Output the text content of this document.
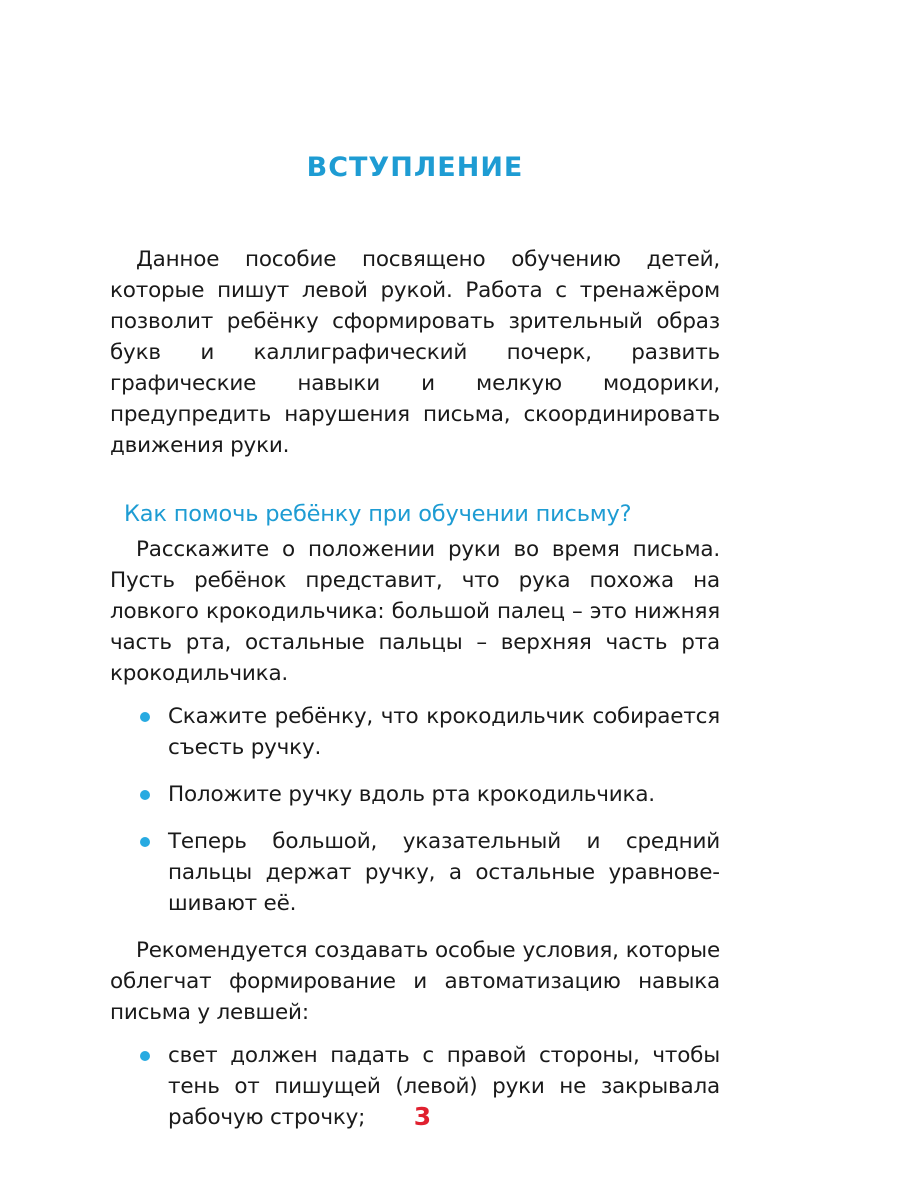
ВСТУПЛЕНИЕ

Данное пособие посвящено обучению детей, которые пишут левой рукой. Работа с тренажёром позволит ребёнку сформировать зрительный образ букв и каллиграфический почерк, развить графические навыки и мелкую модорики, предупредить нарушения письма, скоординировать движения руки.

Как помочь ребёнку при обучении письму?

Расскажите о положении руки во время письма. Пусть ребёнок представит, что рука похожа на ловкого крокодильчика: большой палец – это нижняя часть рта, остальные пальцы – верхняя часть рта крокодильчика.

Скажите ребёнку, что крокодильчик собирается съесть ручку.
Положите ручку вдоль рта крокодильчика.
Теперь большой, указательный и средний пальцы держат ручку, а остальные уравновешивают её.

Рекомендуется создавать особые условия, которые облегчат формирование и автоматизацию навыка письма у левшей:

свет должен падать с правой стороны, чтобы тень от пишущей (левой) руки не закрывала рабочую строчку;	3
